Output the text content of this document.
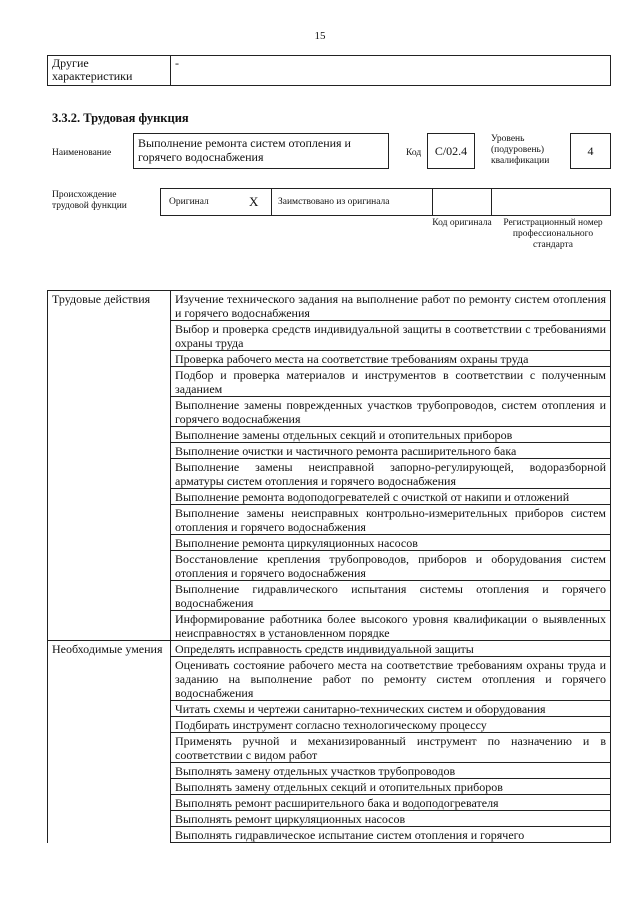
15
Другие характеристики	-
3.3.2. Трудовая функция
Наименование
Выполнение ремонта систем отопления и горячего водоснабжения	Код	С/02.4
Уровень (подуровень) квалификации
4
Происхождение трудовой функции	Оригинал	Х Заимствовано из оригинала
Код оригинала	Регистрационный номер профессионального стандарта
Трудовые действия	Изучение технического задания на выполнение работ по ремонту систем отопления и горячего водоснабжения
	Выбор и проверка средств индивидуальной защиты в соответствии с требованиями охраны труда
	Проверка рабочего места на соответствие требованиям охраны труда
	Подбор и проверка материалов и инструментов в соответствии с полученным заданием
	Выполнение замены поврежденных участков трубопроводов, систем отопления и горячего водоснабжения
	Выполнение замены отдельных секций и отопительных приборов
	Выполнение очистки и частичного ремонта расширительного бака
	Выполнение замены неисправной запорно-регулирующей, водоразборной арматуры систем отопления и горячего водоснабжения
	Выполнение ремонта водоподогревателей с очисткой от накипи и отложений
	Выполнение замены неисправных контрольно-измерительных приборов систем отопления и горячего водоснабжения
	Выполнение ремонта циркуляционных насосов
	Восстановление крепления трубопроводов, приборов и оборудования систем отопления и горячего водоснабжения
	Выполнение гидравлического испытания системы отопления и горячего водоснабжения
	Информирование работника более высокого уровня квалификации о выявленных неисправностях в установленном порядке
Необходимые умения	Определять исправность средств индивидуальной защиты
	Оценивать состояние рабочего места на соответствие требованиям охраны труда и заданию на выполнение работ по ремонту систем отопления и горячего водоснабжения
	Читать схемы и чертежи санитарно-технических систем и оборудования
	Подбирать инструмент согласно технологическому процессу
	Применять ручной и механизированный инструмент по назначению и в соответствии с видом работ
	Выполнять замену отдельных участков трубопроводов
	Выполнять замену отдельных секций и отопительных приборов
	Выполнять ремонт расширительного бака и водоподогревателя
	Выполнять ремонт циркуляционных насосов
	Выполнять гидравлическое испытание систем отопления и горячего
